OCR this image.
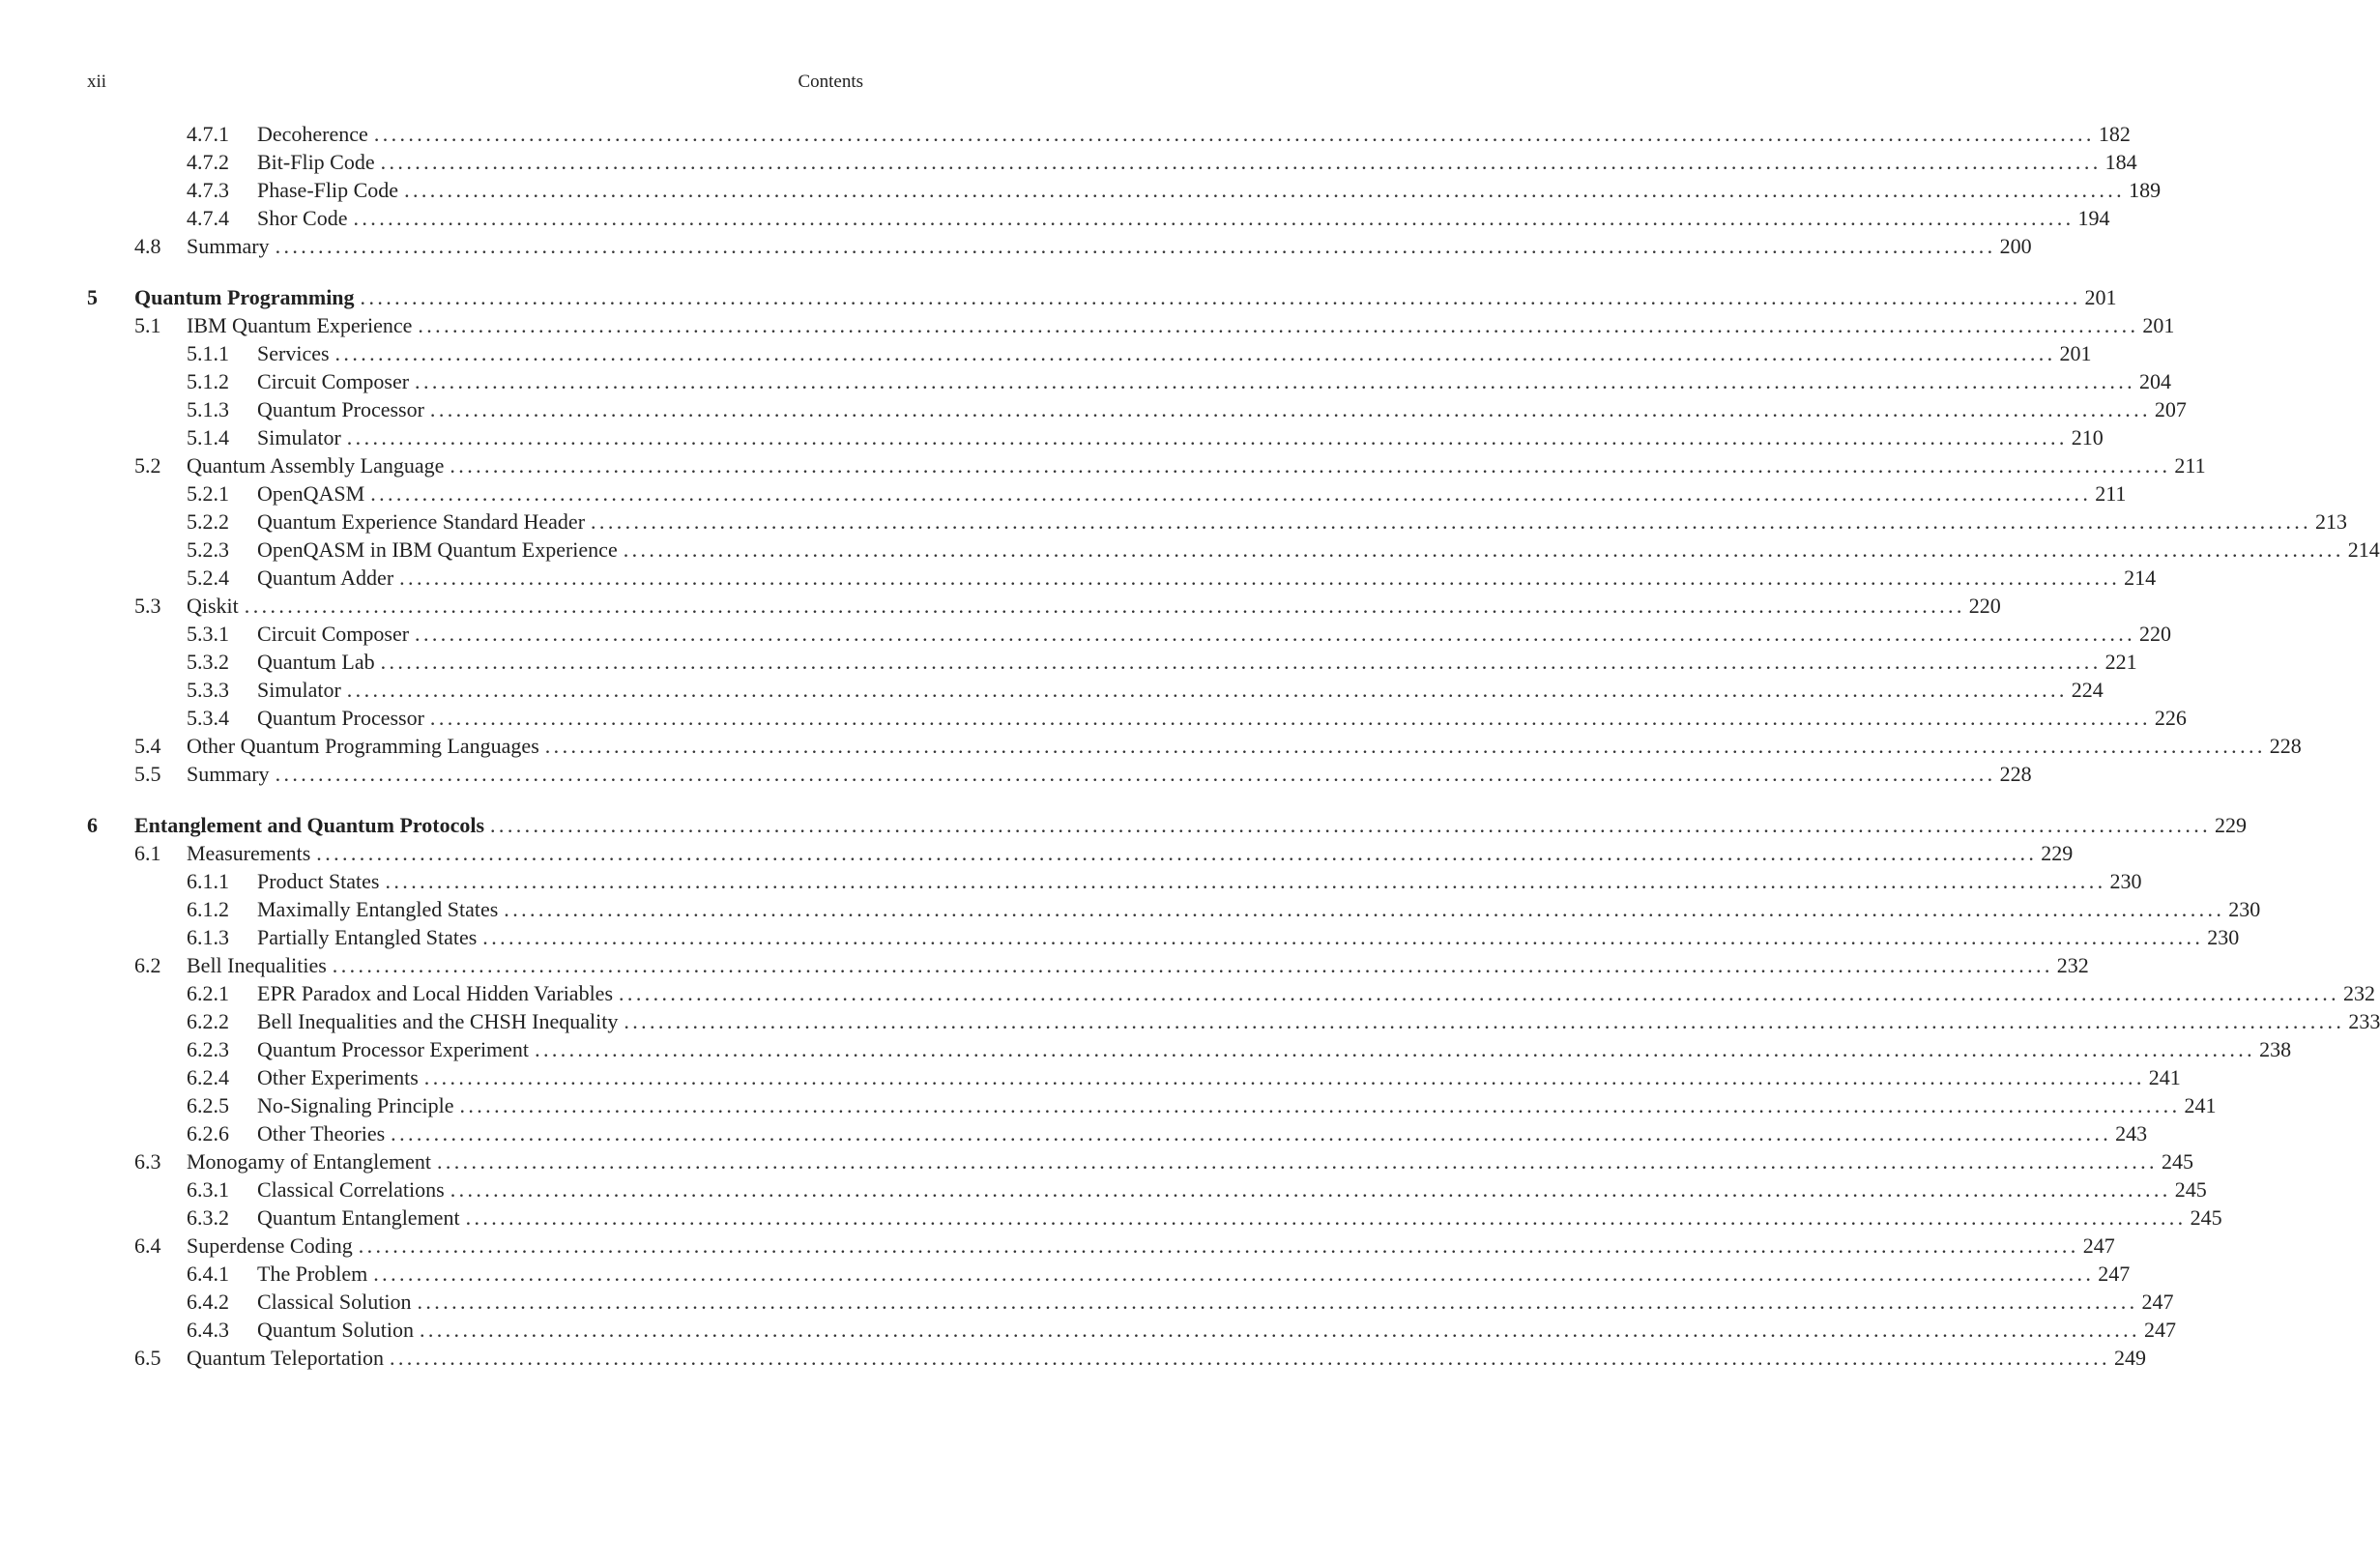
xii	Contents
4.7.1	Decoherence ........................................................................................................................................................................................................ 182
4.7.2	Bit-Flip Code ........................................................................................................................................................................................................ 184
4.7.3	Phase-Flip Code ........................................................................................................................................................................................................ 189
4.7.4	Shor Code ........................................................................................................................................................................................................ 194
4.8	Summary ........................................................................................................................................................................................................ 200
5	Quantum Programming ........................................................................................................................................................................................................ 201
5.1	IBM Quantum Experience ........................................................................................................................................................................................................ 201
5.1.1	Services ........................................................................................................................................................................................................ 201
5.1.2	Circuit Composer ........................................................................................................................................................................................................ 204
5.1.3	Quantum Processor ........................................................................................................................................................................................................ 207
5.1.4	Simulator ........................................................................................................................................................................................................ 210
5.2	Quantum Assembly Language ........................................................................................................................................................................................................ 211
5.2.1	OpenQASM ........................................................................................................................................................................................................ 211
5.2.2	Quantum Experience Standard Header ........................................................................................................................................................................................................ 213
5.2.3	OpenQASM in IBM Quantum Experience ........................................................................................................................................................................................................ 214
5.2.4	Quantum Adder ........................................................................................................................................................................................................ 214
5.3	Qiskit ........................................................................................................................................................................................................ 220
5.3.1	Circuit Composer ........................................................................................................................................................................................................ 220
5.3.2	Quantum Lab ........................................................................................................................................................................................................ 221
5.3.3	Simulator ........................................................................................................................................................................................................ 224
5.3.4	Quantum Processor ........................................................................................................................................................................................................ 226
5.4	Other Quantum Programming Languages ........................................................................................................................................................................................................ 228
5.5	Summary ........................................................................................................................................................................................................ 228
6	Entanglement and Quantum Protocols ........................................................................................................................................................................................................ 229
6.1	Measurements ........................................................................................................................................................................................................ 229
6.1.1	Product States ........................................................................................................................................................................................................ 230
6.1.2	Maximally Entangled States ........................................................................................................................................................................................................ 230
6.1.3	Partially Entangled States ........................................................................................................................................................................................................ 230
6.2	Bell Inequalities ........................................................................................................................................................................................................ 232
6.2.1	EPR Paradox and Local Hidden Variables ........................................................................................................................................................................................................ 232
6.2.2	Bell Inequalities and the CHSH Inequality ........................................................................................................................................................................................................ 233
6.2.3	Quantum Processor Experiment ........................................................................................................................................................................................................ 238
6.2.4	Other Experiments ........................................................................................................................................................................................................ 241
6.2.5	No-Signaling Principle ........................................................................................................................................................................................................ 241
6.2.6	Other Theories ........................................................................................................................................................................................................ 243
6.3	Monogamy of Entanglement ........................................................................................................................................................................................................ 245
6.3.1	Classical Correlations ........................................................................................................................................................................................................ 245
6.3.2	Quantum Entanglement ........................................................................................................................................................................................................ 245
6.4	Superdense Coding ........................................................................................................................................................................................................ 247
6.4.1	The Problem ........................................................................................................................................................................................................ 247
6.4.2	Classical Solution ........................................................................................................................................................................................................ 247
6.4.3	Quantum Solution ........................................................................................................................................................................................................ 247
6.5	Quantum Teleportation ........................................................................................................................................................................................................ 249
